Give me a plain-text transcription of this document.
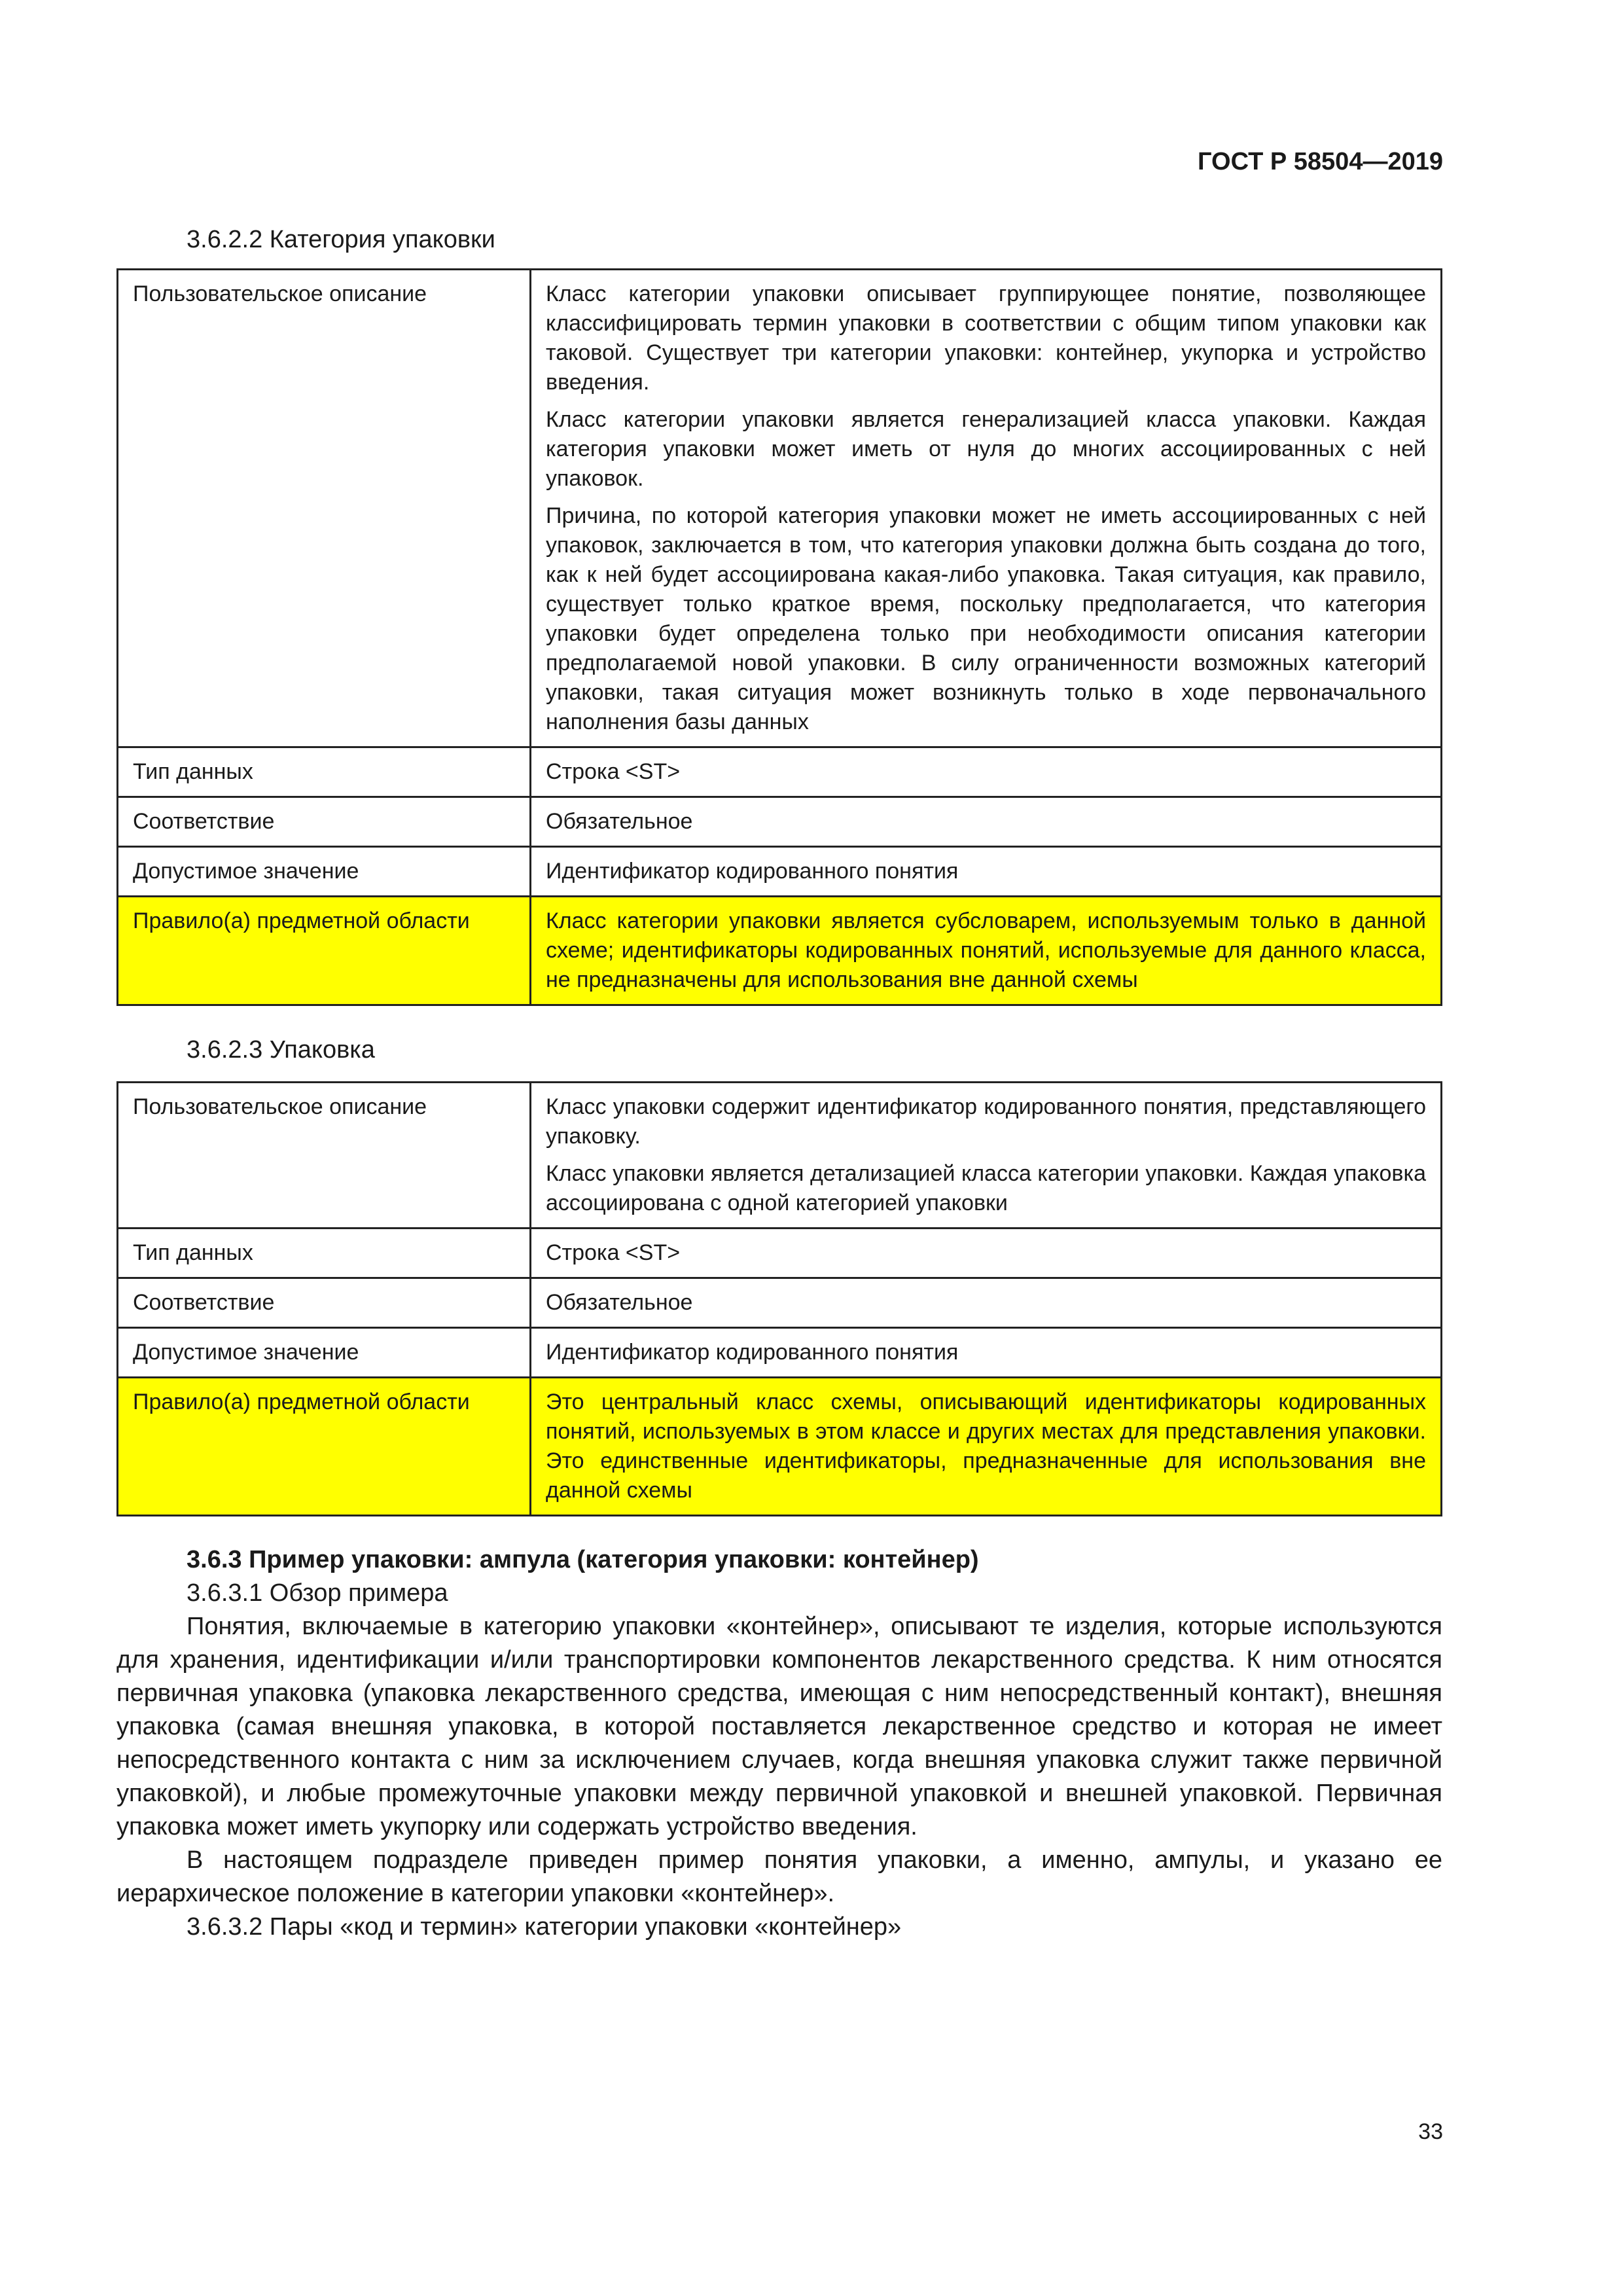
ГОСТ Р 58504—2019
3.6.2.2 Категория упаковки
Пользовательское описание	Класс категории упаковки описывает группирующее понятие, позволяющее классифицировать термин упаковки в соответствии с общим типом упаковки как таковой. Существует три категории упаковки: контейнер, укупорка и устройство введения.

Класс категории упаковки является генерализацией класса упаковки. Каждая категория упаковки может иметь от нуля до многих ассоциированных с ней упаковок.

Причина, по которой категория упаковки может не иметь ассоциированных с ней упаковок, заключается в том, что категория упаковки должна быть создана до того, как к ней будет ассоциирована какая-либо упаковка. Такая ситуация, как правило, существует только краткое время, поскольку предполагается, что категория упаковки будет определена только при необходимости описания категории предполагаемой новой упаковки. В силу ограниченности возможных категорий упаковки, такая ситуация может возникнуть только в ходе первоначального наполнения базы данных

Тип данных	Строка <ST>

Соответствие	Обязательное

Допустимое значение	Идентификатор кодированного понятия

Правило(а) предметной области	Класс категории упаковки является субсловарем, используемым только в данной схеме; идентификаторы кодированных понятий, используемые для данного класса, не предназначены для использования вне данной схемы

3.6.2.3 Упаковка
Пользовательское описание	Класс упаковки содержит идентификатор кодированного понятия, представляющего упаковку.

Класс упаковки является детализацией класса категории упаковки. Каждая упаковка ассоциирована с одной категорией упаковки

Тип данных	Строка <ST>

Соответствие	Обязательное

Допустимое значение	Идентификатор кодированного понятия

Правило(а) предметной области	Это центральный класс схемы, описывающий идентификаторы кодированных понятий, используемых в этом классе и других местах для представления упаковки. Это единственные идентификаторы, предназначенные для использования вне данной схемы

3.6.3 Пример упаковки: ампула (категория упаковки: контейнер)
3.6.3.1 Обзор примера

Понятия, включаемые в категорию упаковки «контейнер», описывают те изделия, которые используются для хранения, идентификации и/или транспортировки компонентов лекарственного средства. К ним относятся первичная упаковка (упаковка лекарственного средства, имеющая с ним непосредственный контакт), внешняя упаковка (самая внешняя упаковка, в которой поставляется лекарственное средство и которая не имеет непосредственного контакта с ним за исключением случаев, когда внешняя упаковка служит также первичной упаковкой), и любые промежуточные упаковки между первичной упаковкой и внешней упаковкой. Первичная упаковка может иметь укупорку или содержать устройство введения.

В настоящем подразделе приведен пример понятия упаковки, а именно, ампулы, и указано ее иерархическое положение в категории упаковки «контейнер».

3.6.3.2 Пары «код и термин» категории упаковки «контейнер»
33
